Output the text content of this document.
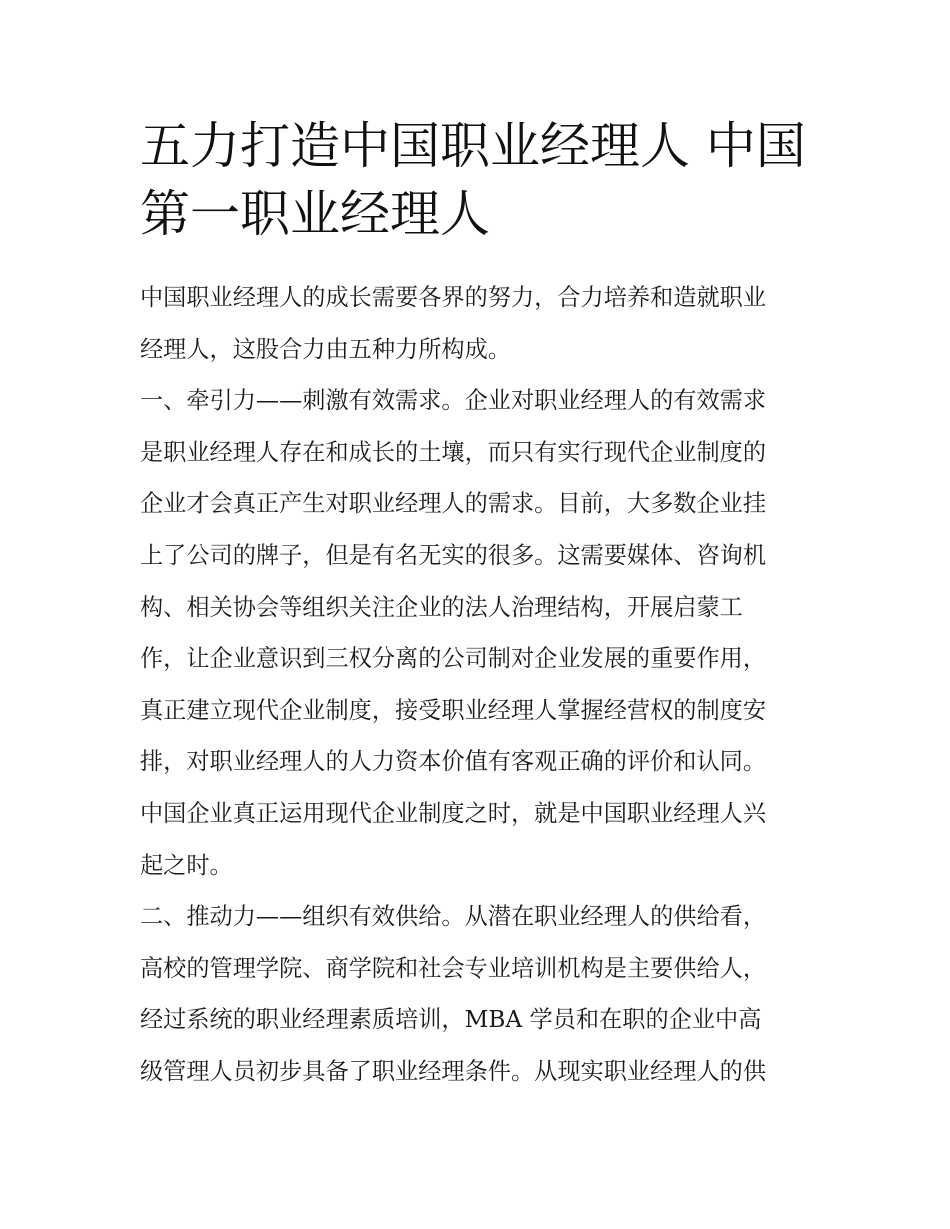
五力打造中国职业经理人 中国
第一职业经理人

中国职业经理人的成长需要各界的努力，合力培养和造就职业
经理人，这股合力由五种力所构成。

一、牵引力——刺激有效需求。企业对职业经理人的有效需求
是职业经理人存在和成长的土壤，而只有实行现代企业制度的
企业才会真正产生对职业经理人的需求。目前，大多数企业挂
上了公司的牌子，但是有名无实的很多。这需要媒体、咨询机
构、相关协会等组织关注企业的法人治理结构，开展启蒙工
作，让企业意识到三权分离的公司制对企业发展的重要作用，
真正建立现代企业制度，接受职业经理人掌握经营权的制度安
排，对职业经理人的人力资本价值有客观正确的评价和认同。
中国企业真正运用现代企业制度之时，就是中国职业经理人兴
起之时。

二、推动力——组织有效供给。从潜在职业经理人的供给看，
高校的管理学院、商学院和社会专业培训机构是主要供给人，
经过系统的职业经理素质培训，MBA 学员和在职的企业中高
级管理人员初步具备了职业经理条件。从现实职业经理人的供
